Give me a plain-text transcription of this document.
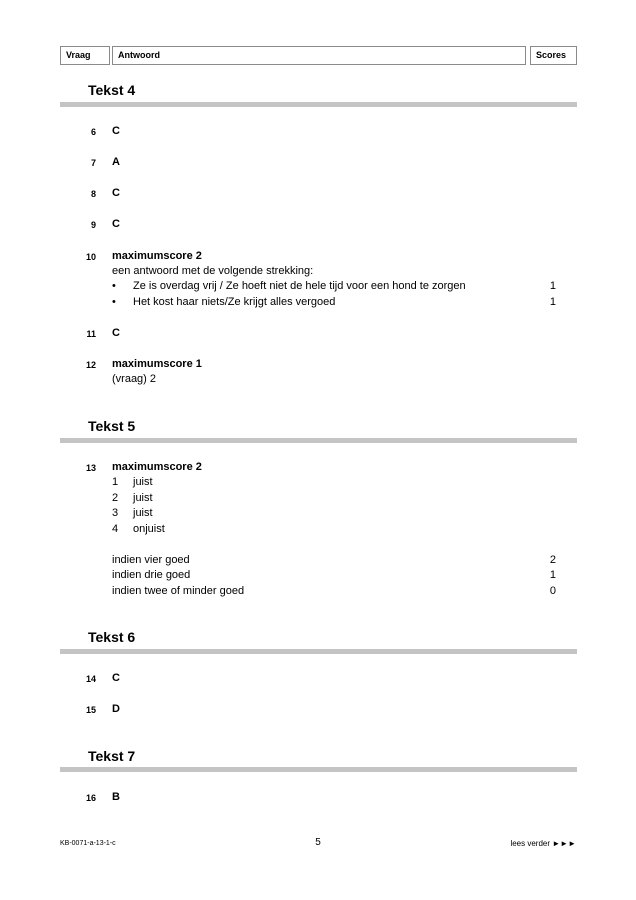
Vraag	Antwoord	Scores
Tekst 4
6 C
7 A
8 C
9 C
10 maximumscore 2
een antwoord met de volgende strekking:
• Ze is overdag vrij / Ze hoeft niet de hele tijd voor een hond te zorgen	1
• Het kost haar niets/Ze krijgt alles vergoed	1
11 C
12 maximumscore 1
(vraag) 2
Tekst 5
13 maximumscore 2
1 juist
2 juist
3 juist
4 onjuist
indien vier goed	2
indien drie goed	1
indien twee of minder goed	0
Tekst 6
14 C
15 D
Tekst 7
16 B
KB-0071-a-13-1-c	5	lees verder ►►►
